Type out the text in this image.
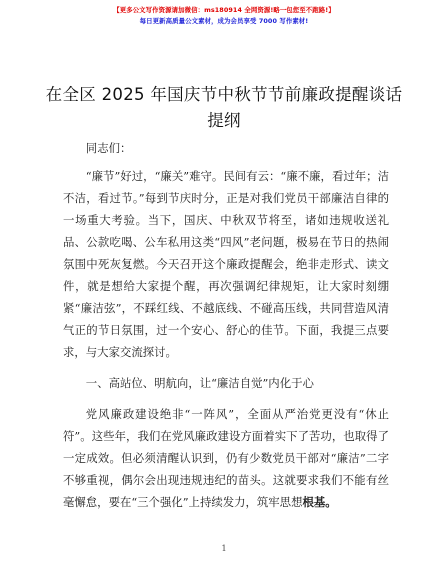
【更多公文写作资源请加微信：ms180914 全网资源!略一包您至不跑路!】
每日更新高质量公文素材，成为会员享受 7000 写作素材!
在全区 2025 年国庆节中秋节节前廉政提醒谈话
提纲

同志们：

“廉节”好过，“廉关”难守。民间有云：“廉不廉，看过年；洁不洁，看过节。”每到节庆时分，正是对我们党员干部廉洁自律的一场重大考验。当下，国庆、中秋双节将至，诸如违规收送礼品、公款吃喝、公车私用这类“四风”老问题，极易在节日的热闹氛围中死灰复燃。今天召开这个廉政提醒会，绝非走形式、读文件，就是想给大家提个醒，再次强调纪律规矩，让大家时刻绷紧“廉洁弦”，不踩红线、不越底线、不碰高压线，共同营造风清气正的节日氛围，过一个安心、舒心的佳节。下面，我提三点要求，与大家交流探讨。

一、高站位、明航向，让“廉洁自觉”内化于心

党风廉政建设绝非“一阵风”，全面从严治党更没有“休止符”。这些年，我们在党风廉政建设方面着实下了苦功，也取得了一定成效。但必须清醒认识到，仍有少数党员干部对“廉洁”二字不够重视，偶尔会出现违规违纪的苗头。这就要求我们不能有丝毫懈怠，要在“三个强化”上持续发力，筑牢思想根基。

1
